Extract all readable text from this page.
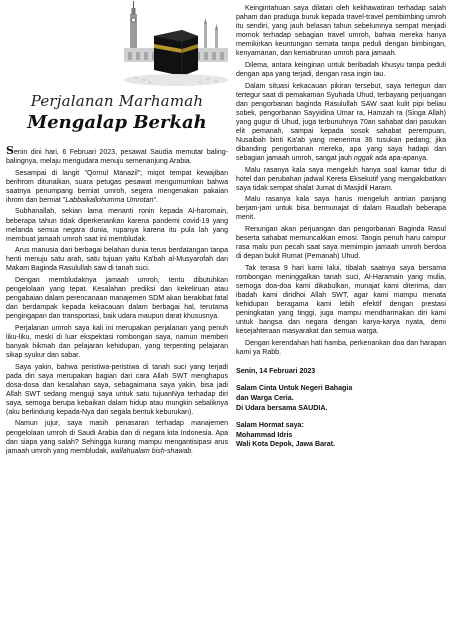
Perjalanan Marhamah
Mengalap Berkah

Senin dini hari, 6 Februari 2023, pesawat Saudia memutar baling-balingnya, melaju mengudara menuju semenanjung Arabia.

Sesampai di langit "Qornul Manazil"; miqot tempat kewajiban berihrom ditunaikan, suara petugas pesawat mengumumkan bahwa saatnya penumpang berniat umroh, segera mengenakan pakaian ihrom dan berniat "Labbaikallohumma Umrotan".

Subhanallah, sekian lama menanti ronin kepada Al-haromain, beberapa tahun tidak diperkenankan karena pandemi covid-19 yang melanda semua negara dunia, rupanya karena itu pula lah yang membuat jamaah umroh saat ini membludak.

Arus manusia dari berbagai belahan dunia terus berdatangan tanpa henti menuju satu arah, satu tujuan yaitu Ka'bah al-Musyarofah dan Makam Baginda Rasulullah saw di tanah suci.

Dengan membludaknya jamaah umroh, tentu dibutuhkan pengelolaan yang tepat. Kesalahan prediksi dan kekeliruan atau pengabaian dalam perencanaan manajemen SDM akan berakibat fatal dan berdampak kepada kekacauan dalam berbagai hal, terutama pengingapan dan transportasi, baik udara maupun darat khususnya.

Perjalanan umroh saya kali ini merupakan perjalanan yang penuh liku-liku, meski di luar ekspektasi rombongan saya, namun memberi banyak hikmah dan pelajaran kehidupan, yang terpenting pelajaran sikap syukur dan sabar.

Saya yakin, bahwa peristiwa-peristiwa di tanah suci yang terjadi pada diri saya merupakan bagian dari cara Allah SWT menghapus dosa-dosa dan kesalahan saya, sebagaimana saya yakin, bisa jadi Allah SWT sedang menguji saya untuk satu tujuanNya terhadap diri saya, semoga berupa kebaikan dalam hidup atau mungkin sebaliknya (aku berlindung kepada-Nya dari segala bentuk keburukan).

Namun jujur, saya masih penasaran terhadap manajemen pengelolaan umroh di Saudi Arabia dan di negara kita Indonesia. Apa dan siapa yang salah? Sehingga kurang mampu mengantisipasi arus jamaah umroh yang membludak, wallahualam bish-shawab.

Keingintahuan saya dilatari oleh kekhawatiran terhadap salah paham dan praduga buruk kepada travel-travel pembimbing umroh itu sendiri, yang jauh belasan tahun sebelumnya sempat menjadi momok terhadap sebagian travel umroh, bahwa mereka hanya memikirkan keuntungan semata tanpa peduli dengan bimbingan, kenyamanan, dan kemabruran umroh para jamaah.

Dilema, antara keinginan untuk beribadah khusyu tanpa peduli dengan apa yang terjadi, dengan rasa ingin tau.

Dalam situasi kekacauan pikiran tersebut, saya tertegun dan tertegur saat di pemakaman Syuhada Uhud, terbayang perjuangan dan pengorbanan baginda Rasulullah SAW saat kulit pipi beliau sobek, pengorbanan Sayyidina Umar ra, Hamzah ra (Singa Allah) yang gugur di Uhud, juga terbunuhnya 70an sahabat dari pasukan elit pemanah, sampai kepada sosok sahabat perempuan, Nusaibah binti Ka'ab yang menerima 36 tusukan pedang; jika dibanding pengorbanan mereka, apa yang saya hadapi dan sebagian jamaah umroh, sangat jauh nggak ada apa-apanya.

Malu rasanya kala saya mengeluh hanya soal kamar tidur di hotel dan perubahan jadwal Kereta Eksekutif yang mengakibatkan saya tidak sempat shalat Jumat di Masjidil Haram.

Malu rasanya kala saya harus mengeluh antrian panjang berjam-jam untuk bisa bermunajat di dalam Raudlah beberapa menit.

Renungan akan perjuangan dan pengorbanan Baginda Rasul beserta sahabat memuncakkan emosi. Tangis penuh haru campur rasa malu pun pecah saat saya memimpin jamaah umroh berdoa di depan bukit Rumat (Pemanah) Uhud.

Tak terasa 9 hari kami lalui, tibalah saatnya saya bersama rombongan meninggalkan tanah suci, Al-Haramain yang mulia, semoga doa-doa kami dikabulkan, munajat kami diterima, dan ibadah kami diridhoi Allah SWT, agar kami mampu menata kehidupan beragama kami lebih efektif dengan prestasi peningkatan yang tinggi, juga mampu mendharmakan diri kami untuk bangsa dan negara dengan karya-karya nyata, demi kesejahteraan masyarakat dan semua warga.

Dengan kerendahan hati hamba, perkenankan doa dan harapan kami ya Rabb.

Senin, 14 Februari 2023

Salam Cinta Untuk Negeri Bahagia

dan Warga Ceria.

Di Udara bersama SAUDIA.

Salam Hormat saya:

Mohammad Idris

Wali Kota Depok, Jawa Barat.
